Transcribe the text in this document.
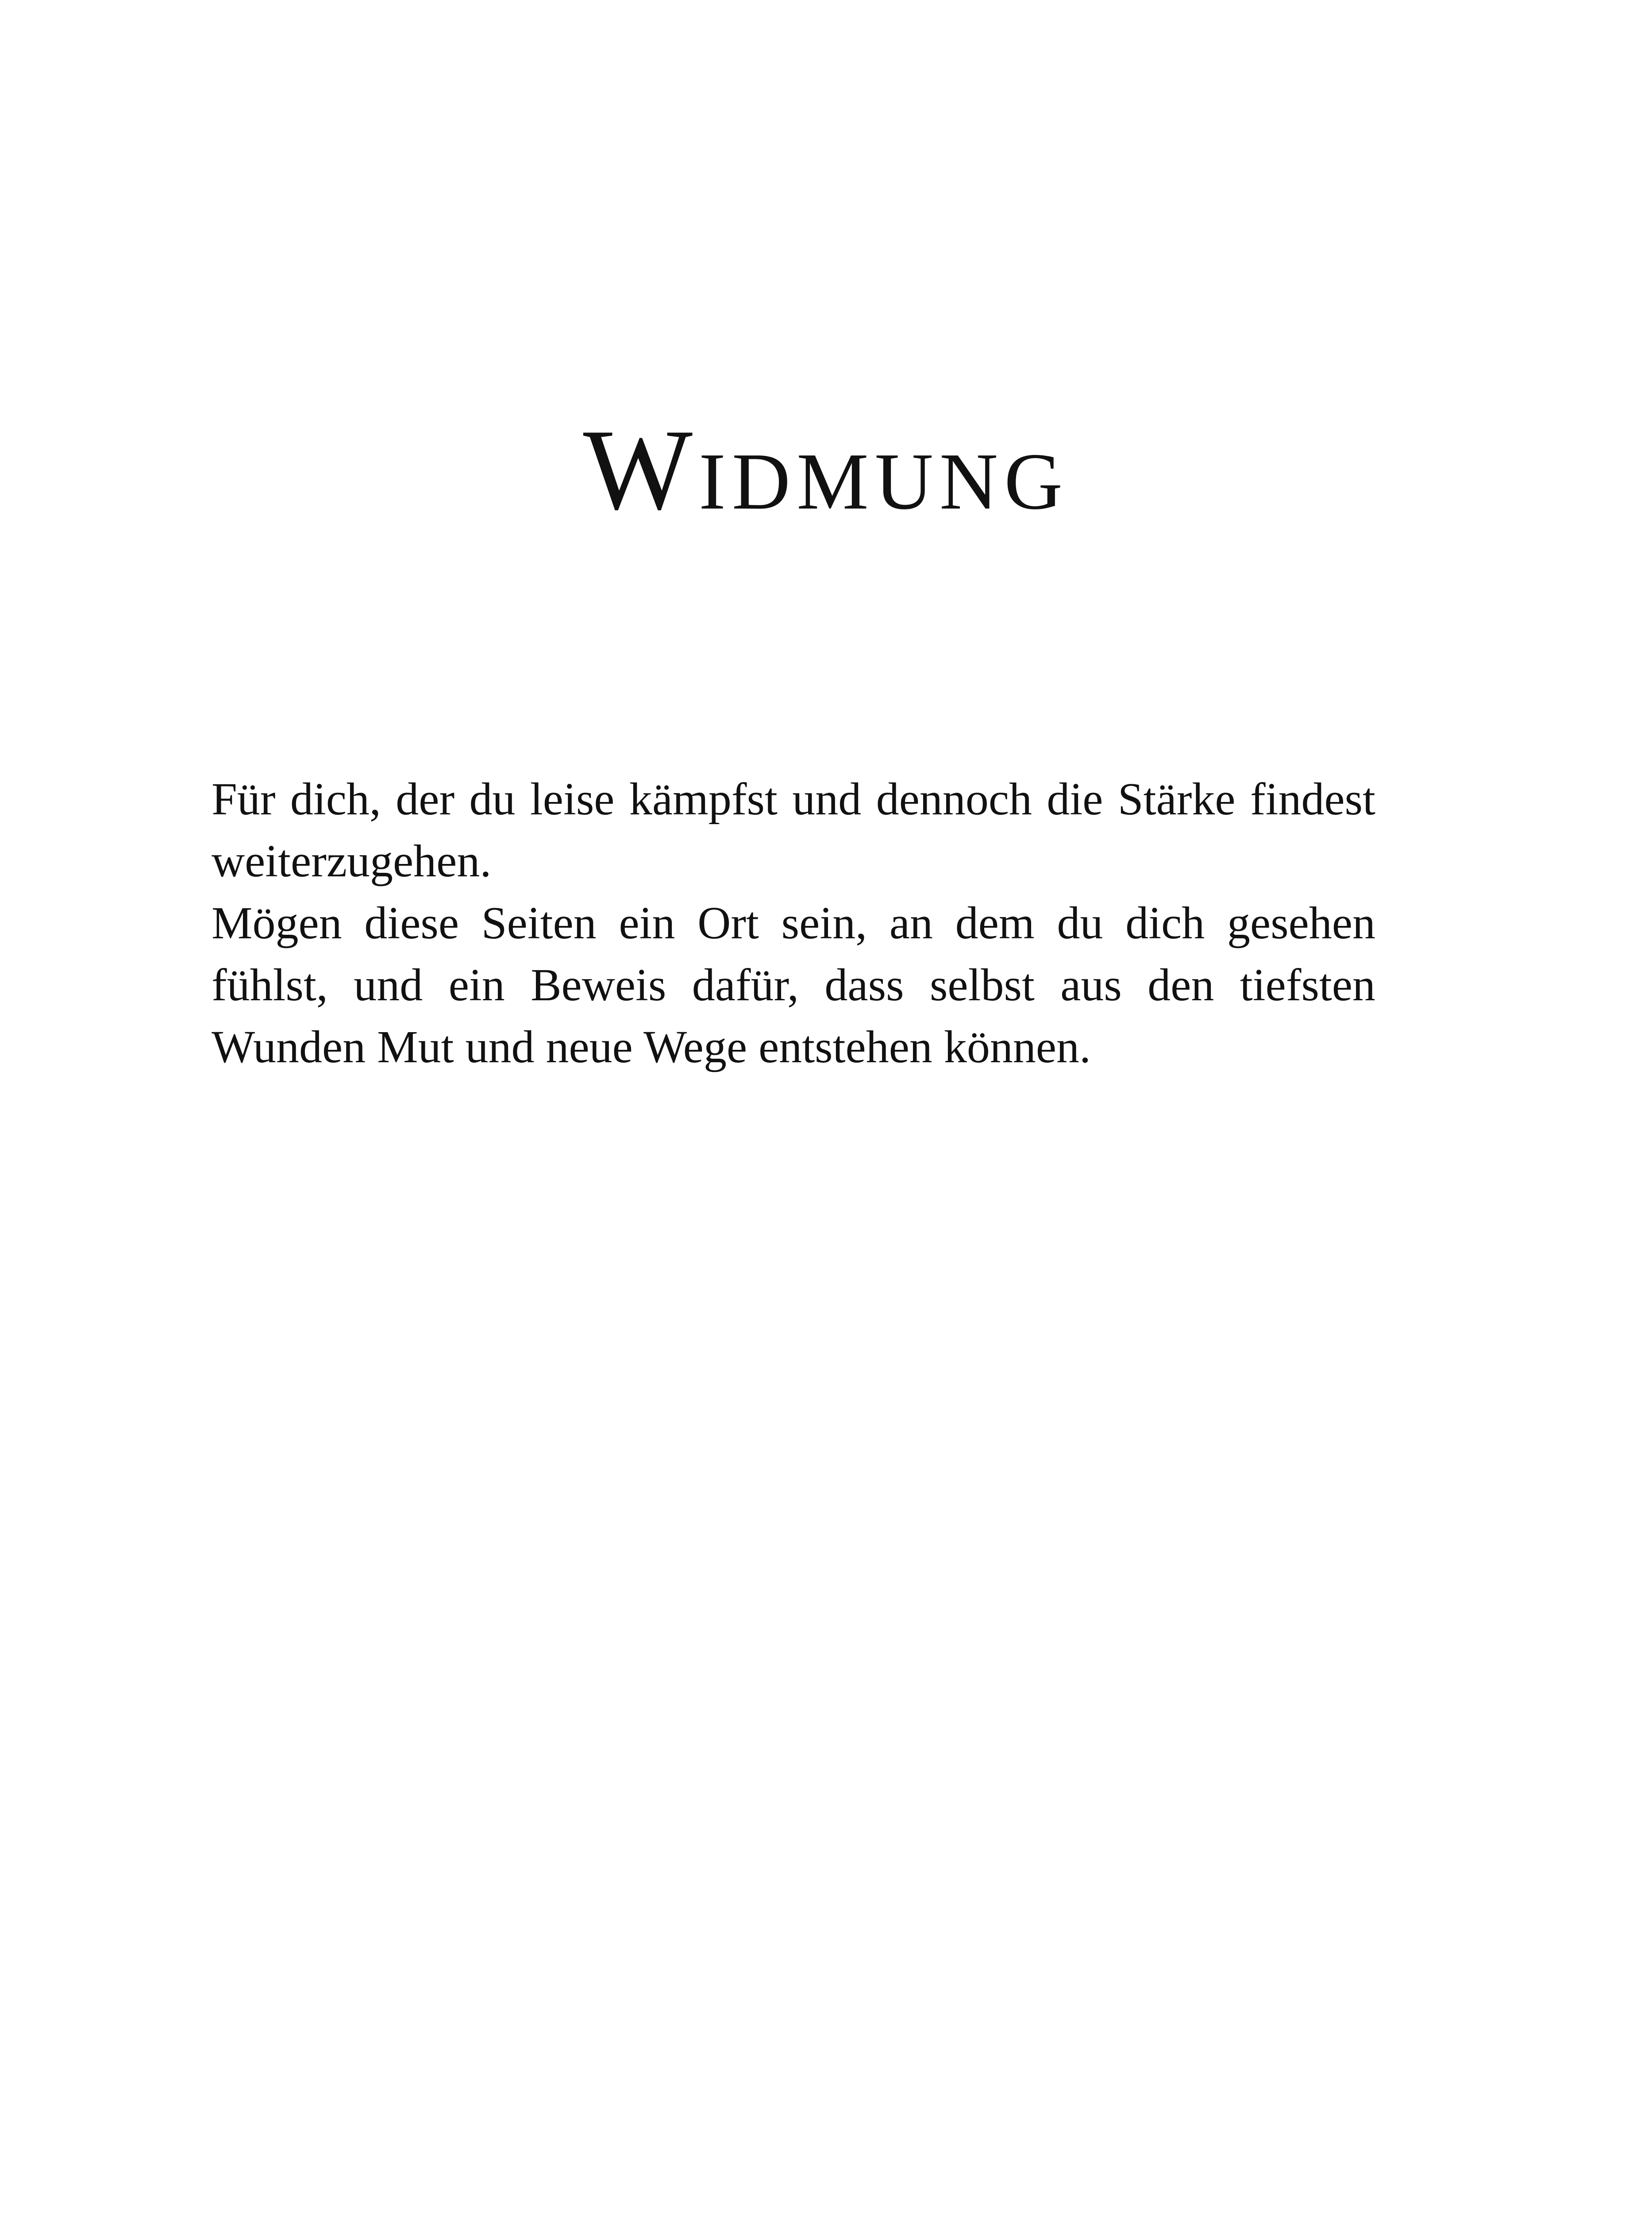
Widmung

Für dich, der du leise kämpfst und dennoch die Stärke findest weiterzugehen.

Mögen diese Seiten ein Ort sein, an dem du dich gesehen fühlst, und ein Beweis dafür, dass selbst aus den tiefsten Wunden Mut und neue Wege entstehen können.
